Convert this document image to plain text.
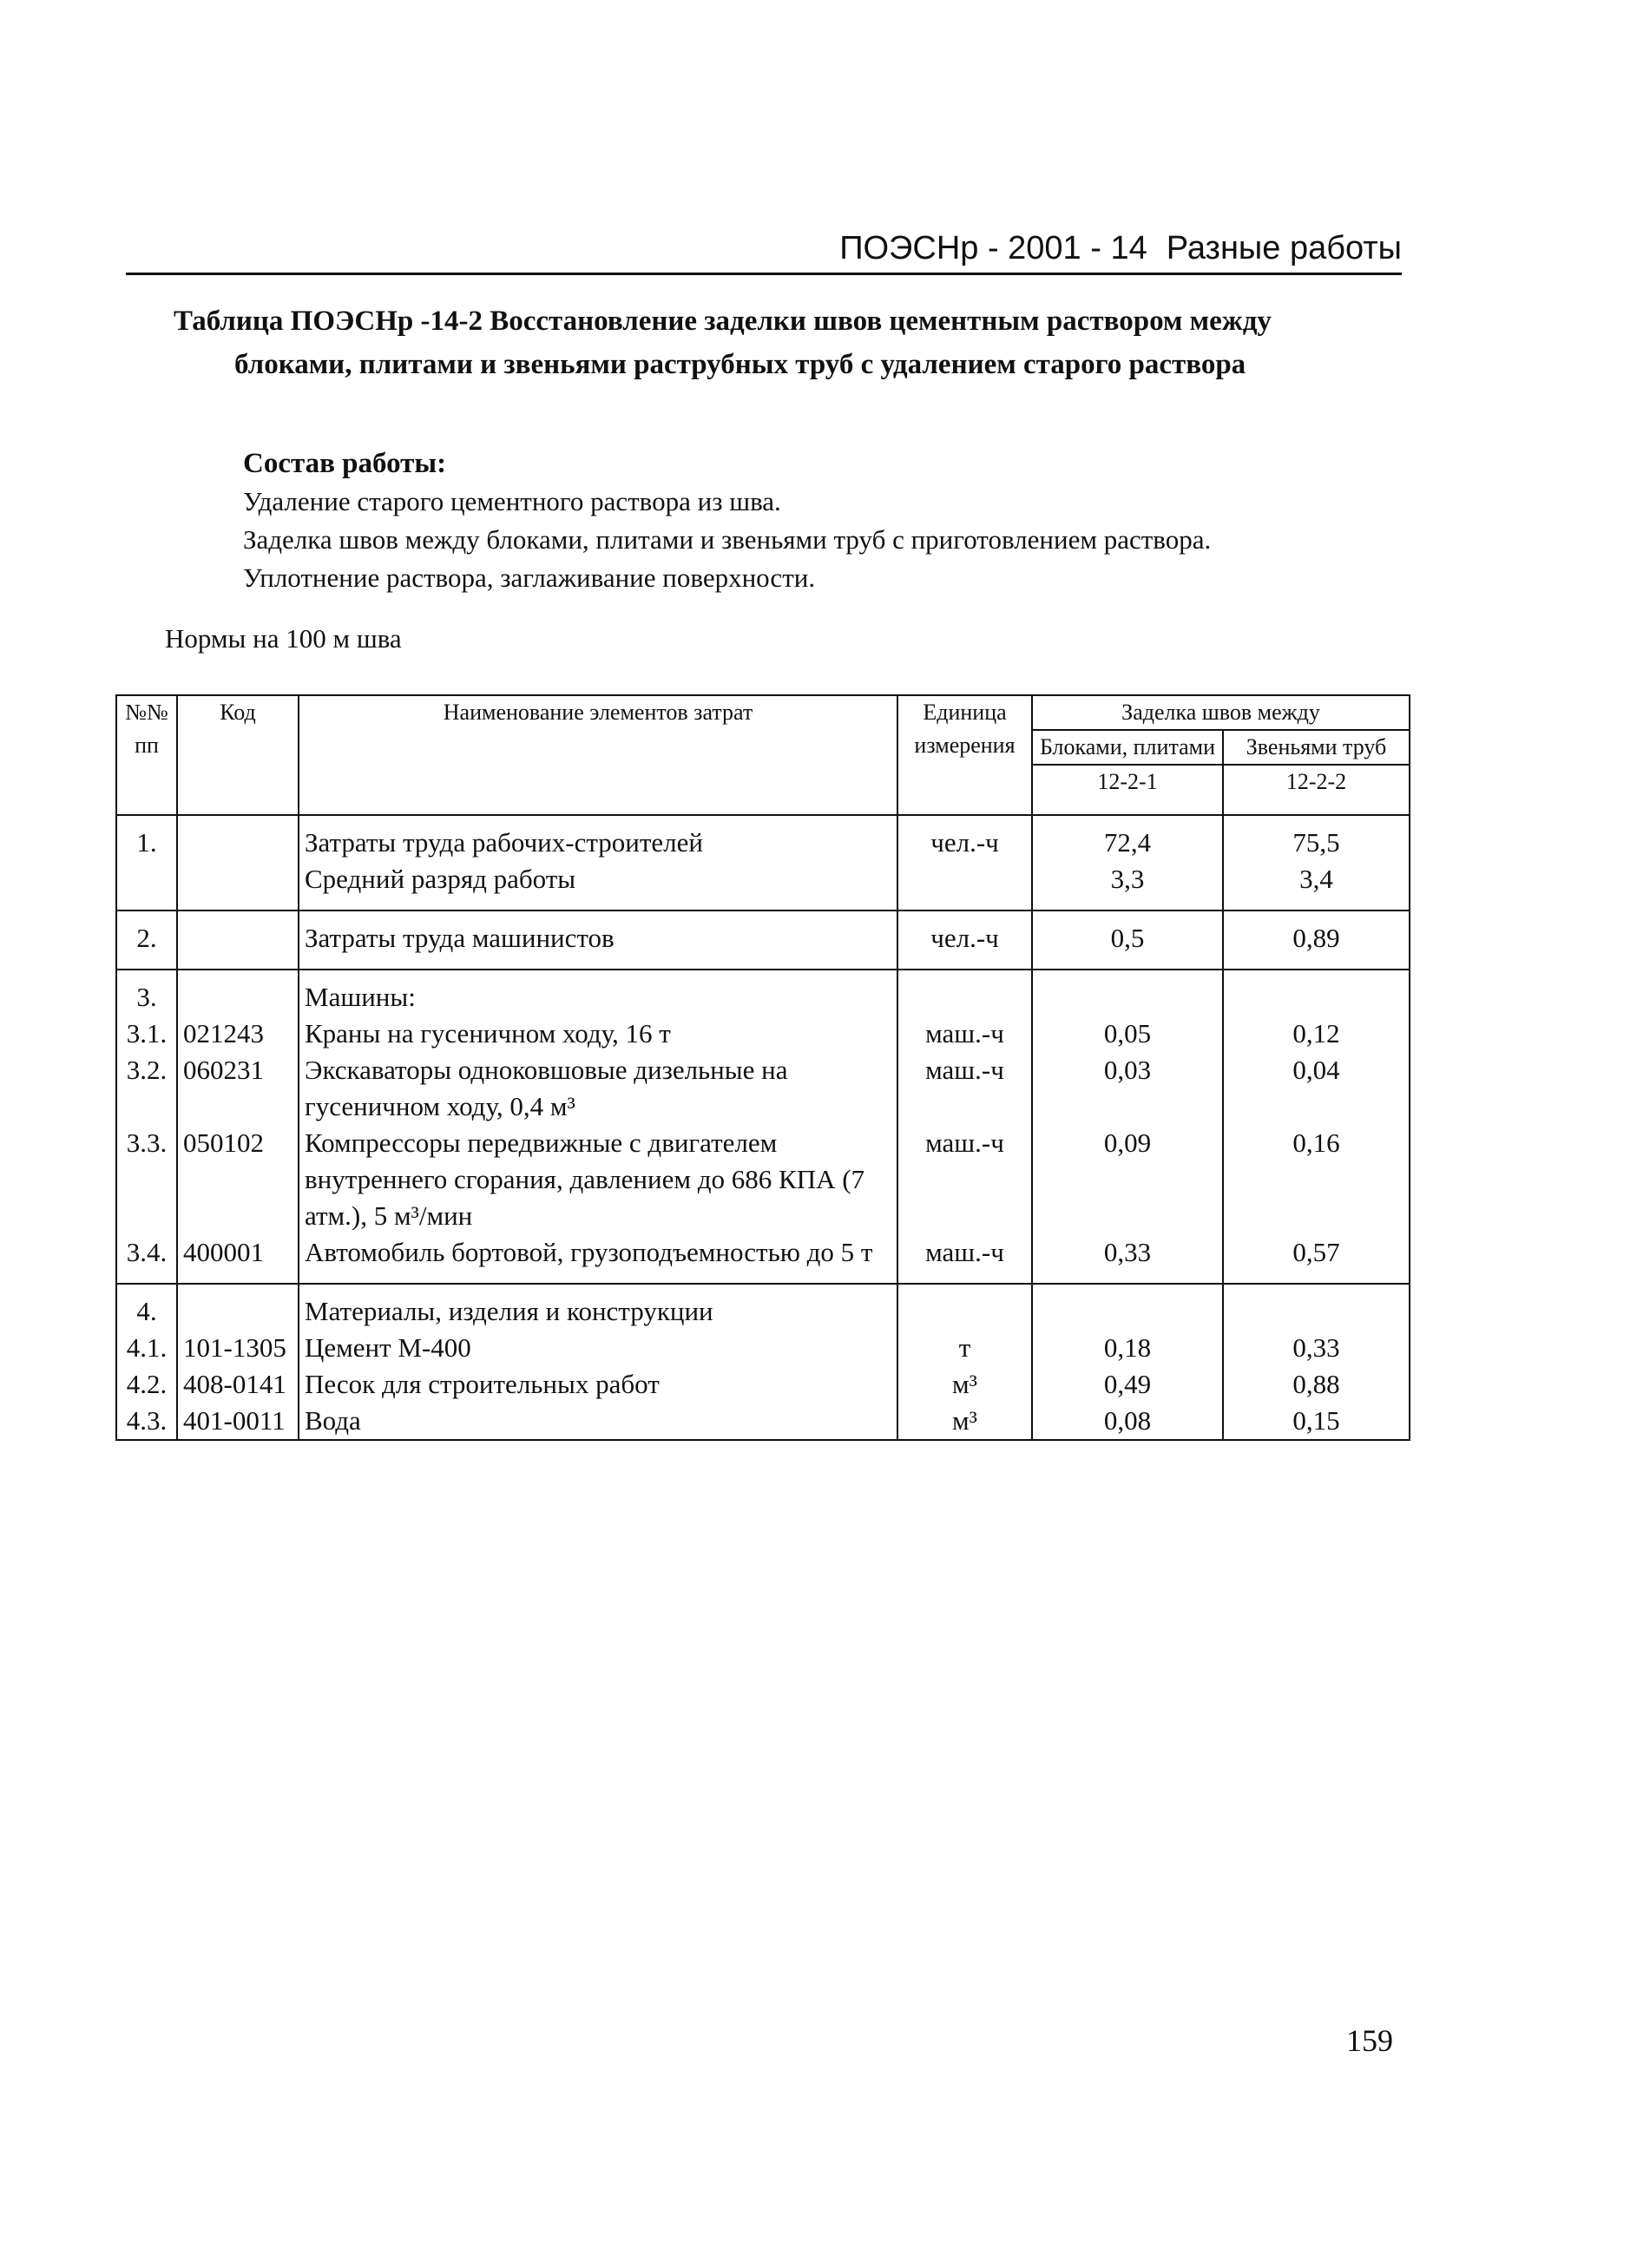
ПОЭСНр - 2001 - 14 Разные работы
Таблица ПОЭСНр -14-2 Восстановление заделки швов цементным раствором между
блоками, плитами и звеньями раструбных труб с удалением старого раствора
Состав работы:
Удаление старого цементного раствора из шва.
Заделка швов между блоками, плитами и звеньями труб с приготовлением раствора.
Уплотнение раствора, заглаживание поверхности.
Нормы на 100 м шва
№№ пп	Код	Наименование элементов затрат	Единица измерения	Заделка швов между	
				Блоками, плитами	Звеньями труб
				12-2-1	12-2-2
1.		Затраты труда рабочих-строителей	чел.-ч	72,4	75,5
		Средний разряд работы		3,3	3,4
2.		Затраты труда машинистов	чел.-ч	0,5	0,89
3.		Машины:			
3.1.	021243	Краны на гусеничном ходу, 16 т	маш.-ч	0,05	0,12
3.2.	060231	Экскаваторы одноковшовые дизельные на гусеничном ходу, 0,4 м³	маш.-ч	0,03	0,04
3.3.	050102	Компрессоры передвижные с двигателем внутреннего сгорания, давлением до 686 КПА (7 атм.), 5 м³/мин	маш.-ч	0,09	0,16
3.4.	400001	Автомобиль бортовой, грузоподъемностью до 5 т	маш.-ч	0,33	0,57
4.		Материалы, изделия и конструкции			
4.1.	101-1305	Цемент М-400	т	0,18	0,33
4.2.	408-0141	Песок для строительных работ	м³	0,49	0,88
4.3.	401-0011	Вода	м³	0,08	0,15
159
